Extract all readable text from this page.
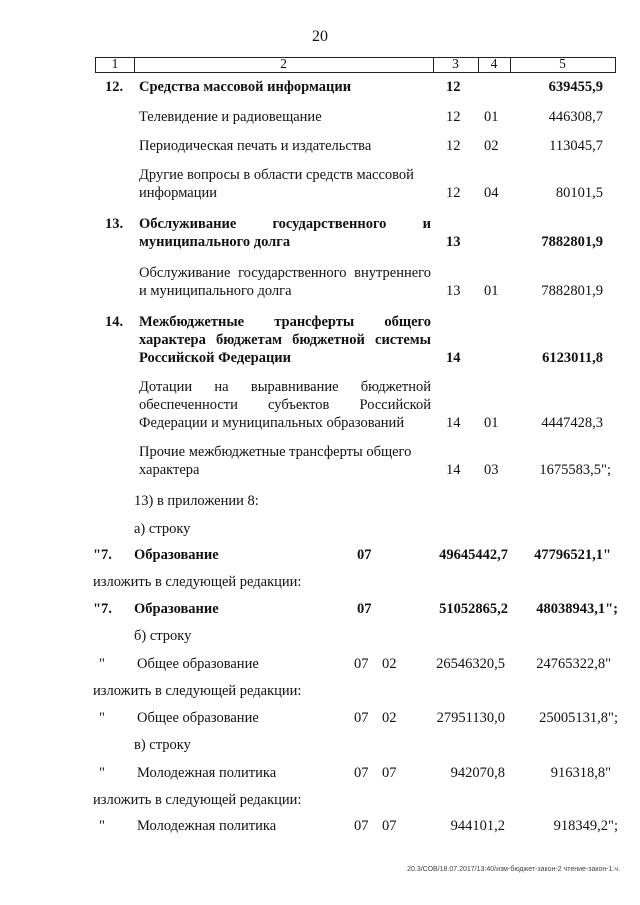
20
1	2	3	4	5
12. Средства массовой информации	12	639455,9
Телевидение и радиовещание	12 01	446308,7
Периодическая печать и издательства	12 02	113045,7
Другие вопросы в области средств массовой информации	12 04	80101,5
13. Обслуживание государственного и муниципального долга	13	7882801,9
Обслуживание государственного внутреннего и муниципального долга	13 01	7882801,9
14. Межбюджетные трансферты общего характера бюджетам бюджетной системы Российской Федерации	14	6123011,8
Дотации на выравнивание бюджетной обеспеченности субъектов Российской Федерации и муниципальных образований	14 01	4447428,3
Прочие межбюджетные трансферты общего характера	14 03	1675583,5";
13) в приложении 8:
а) строку
"7. Образование	07	49645442,7	47796521,1"
изложить в следующей редакции:
"7. Образование	07	51052865,2	48038943,1";
б) строку
" Общее образование	07 02	26546320,5	24765322,8"
изложить в следующей редакции:
" Общее образование	07 02	27951130,0	25005131,8";
в) строку
" Молодежная политика	07 07	942070,8	916318,8"
изложить в следующей редакции:
" Молодежная политика	07 07	944101,2	918349,2";
20.3/СОВ/18.07.2017/13:40/изм-бюджет-закон-2 чтение-закон-1.ч.
